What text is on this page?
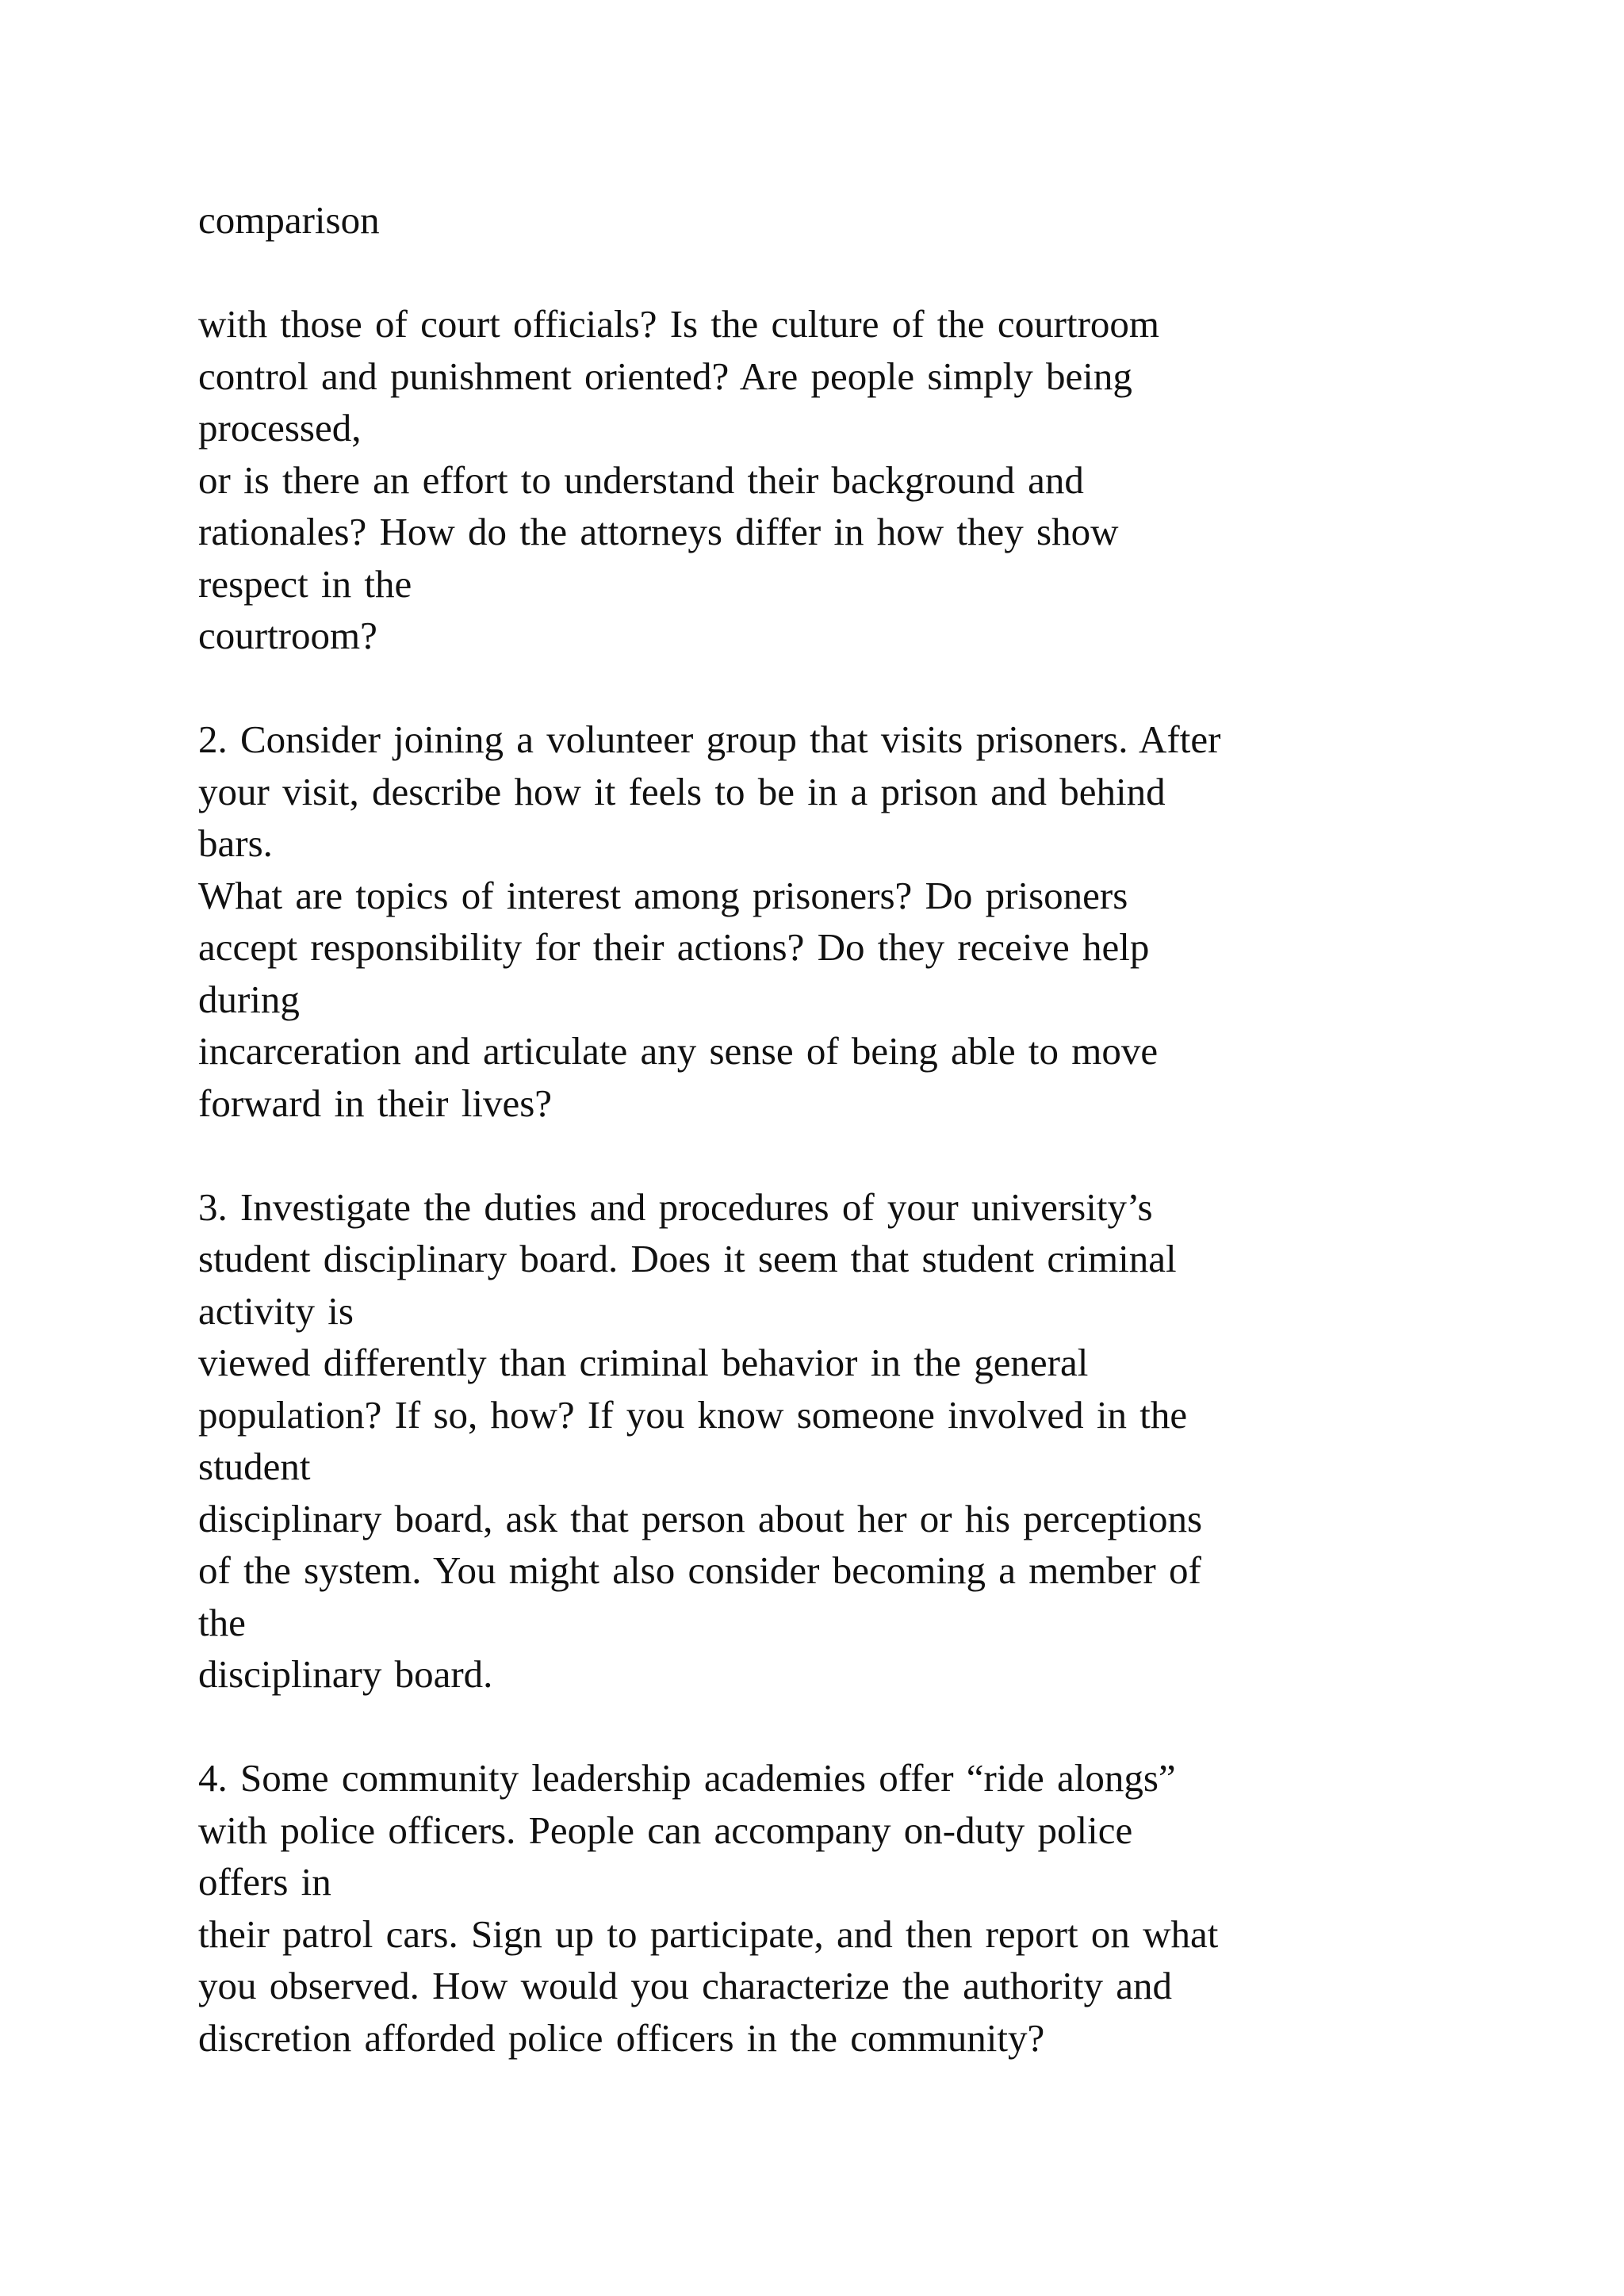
comparison
with those of court officials? Is the culture of the courtroom
control and punishment oriented? Are people simply being
processed,
or is there an effort to understand their background and
rationales? How do the attorneys differ in how they show
respect in the
courtroom?
2. Consider joining a volunteer group that visits prisoners. After
your visit, describe how it feels to be in a prison and behind
bars.
What are topics of interest among prisoners? Do prisoners
accept responsibility for their actions? Do they receive help
during
incarceration and articulate any sense of being able to move
forward in their lives?
3. Investigate the duties and procedures of your university’s
student disciplinary board. Does it seem that student criminal
activity is
viewed differently than criminal behavior in the general
population? If so, how? If you know someone involved in the
student
disciplinary board, ask that person about her or his perceptions
of the system. You might also consider becoming a member of
the
disciplinary board.
4. Some community leadership academies offer “ride alongs”
with police officers. People can accompany on-duty police
offers in
their patrol cars. Sign up to participate, and then report on what
you observed. How would you characterize the authority and
discretion afforded police officers in the community?
